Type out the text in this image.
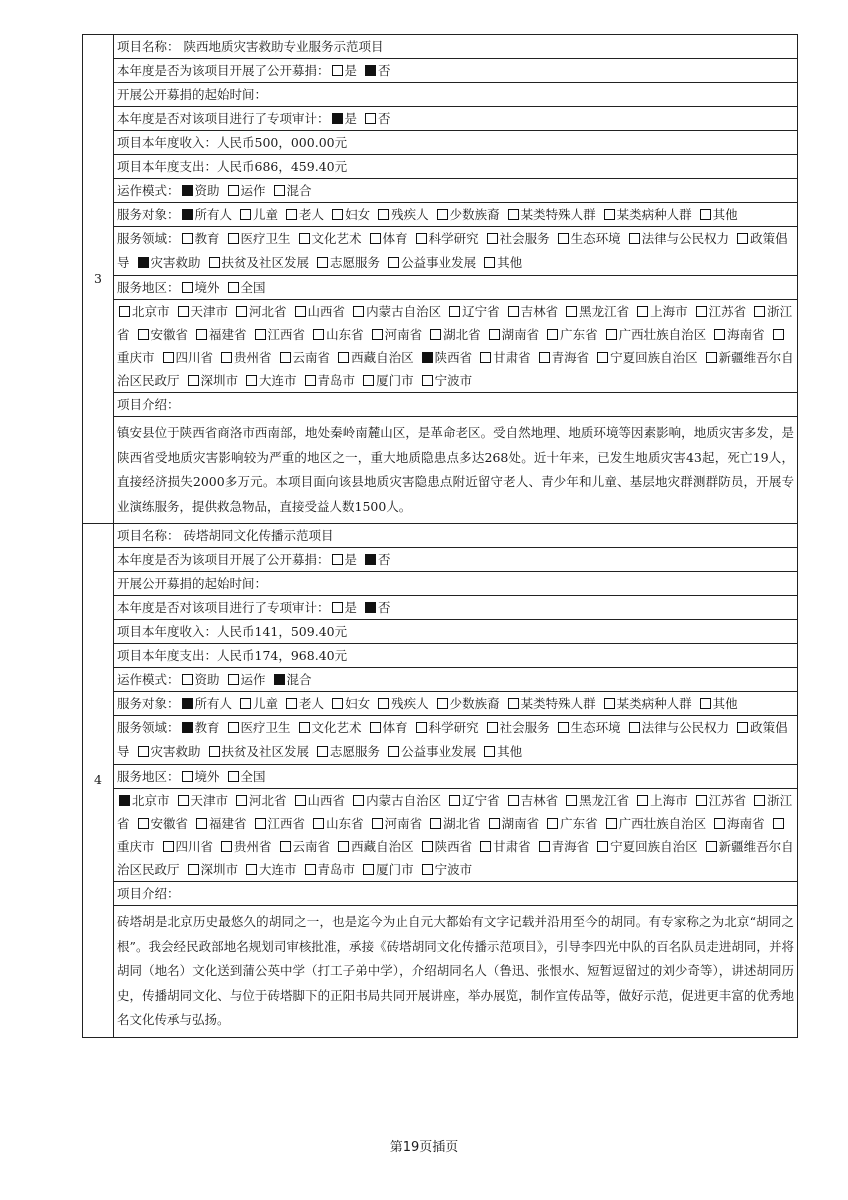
3	项目名称： 陕西地质灾害救助专业服务示范项目
	本年度是否为该项目开展了公开募捐： 是 否
	开展公开募捐的起始时间：
	本年度是否对该项目进行了专项审计： 是 否
	项目本年度收入：人民币500，000.00元
	项目本年度支出：人民币686，459.40元
	运作模式： 资助 运作 混合
	服务对象： 所有人 儿童 老人 妇女 残疾人 少数族裔 某类特殊人群 某类病种人群 其他
	服务领域： 教育 医疗卫生 文化艺术 体育 科学研究 社会服务 生态环境 法律与公民权力 政策倡导 灾害救助 扶贫及社区发展 志愿服务 公益事业发展 其他
	服务地区： 境外 全国
	北京市 天津市 河北省 山西省 内蒙古自治区 辽宁省 吉林省 黑龙江省 上海市 江苏省 浙江省 安徽省 福建省 江西省 山东省 河南省 湖北省 湖南省 广东省 广西壮族自治区 海南省重庆市 四川省 贵州省 云南省 西藏自治区 陕西省 甘肃省 青海省 宁夏回族自治区 新疆维吾尔自治区民政厅 深圳市 大连市 青岛市 厦门市 宁波市
	项目介绍：
	镇安县位于陕西省商洛市西南部，地处秦岭南麓山区，是革命老区。受自然地理、地质环境等因素影响，地质灾害多发，是陕西省受地质灾害影响较为严重的地区之一，重大地质隐患点多达268处。近十年来，已发生地质灾害43起，死亡19人，直接经济损失2000多万元。本项目面向该县地质灾害隐患点附近留守老人、青少年和儿童、基层地灾群测群防员，开展专业演练服务，提供救急物品，直接受益人数1500人。
4	项目名称： 砖塔胡同文化传播示范项目
	本年度是否为该项目开展了公开募捐： 是 否
	开展公开募捐的起始时间：
	本年度是否对该项目进行了专项审计： 是 否
	项目本年度收入：人民币141，509.40元
	项目本年度支出：人民币174，968.40元
	运作模式： 资助 运作 混合
	服务对象： 所有人 儿童 老人 妇女 残疾人 少数族裔 某类特殊人群 某类病种人群 其他
	服务领域： 教育 医疗卫生 文化艺术 体育 科学研究 社会服务 生态环境 法律与公民权力 政策倡导 灾害救助 扶贫及社区发展 志愿服务 公益事业发展 其他
	服务地区： 境外 全国
	北京市 天津市 河北省 山西省 内蒙古自治区 辽宁省 吉林省 黑龙江省 上海市 江苏省 浙江省 安徽省 福建省 江西省 山东省 河南省 湖北省 湖南省 广东省 广西壮族自治区 海南省重庆市 四川省 贵州省 云南省 西藏自治区 陕西省 甘肃省 青海省 宁夏回族自治区 新疆维吾尔自治区民政厅 深圳市 大连市 青岛市 厦门市 宁波市
	项目介绍：
	砖塔胡是北京历史最悠久的胡同之一，也是迄今为止自元大都始有文字记载并沿用至今的胡同。有专家称之为北京“胡同之根”。我会经民政部地名规划司审核批准，承接《砖塔胡同文化传播示范项目》，引导李四光中队的百名队员走进胡同，并将胡同（地名）文化送到蒲公英中学（打工子弟中学），介绍胡同名人（鲁迅、张恨水、短暂逗留过的刘少奇等），讲述胡同历史，传播胡同文化、与位于砖塔脚下的正阳书局共同开展讲座，举办展览，制作宣传品等，做好示范，促进更丰富的优秀地名文化传承与弘扬。
第19页插页
